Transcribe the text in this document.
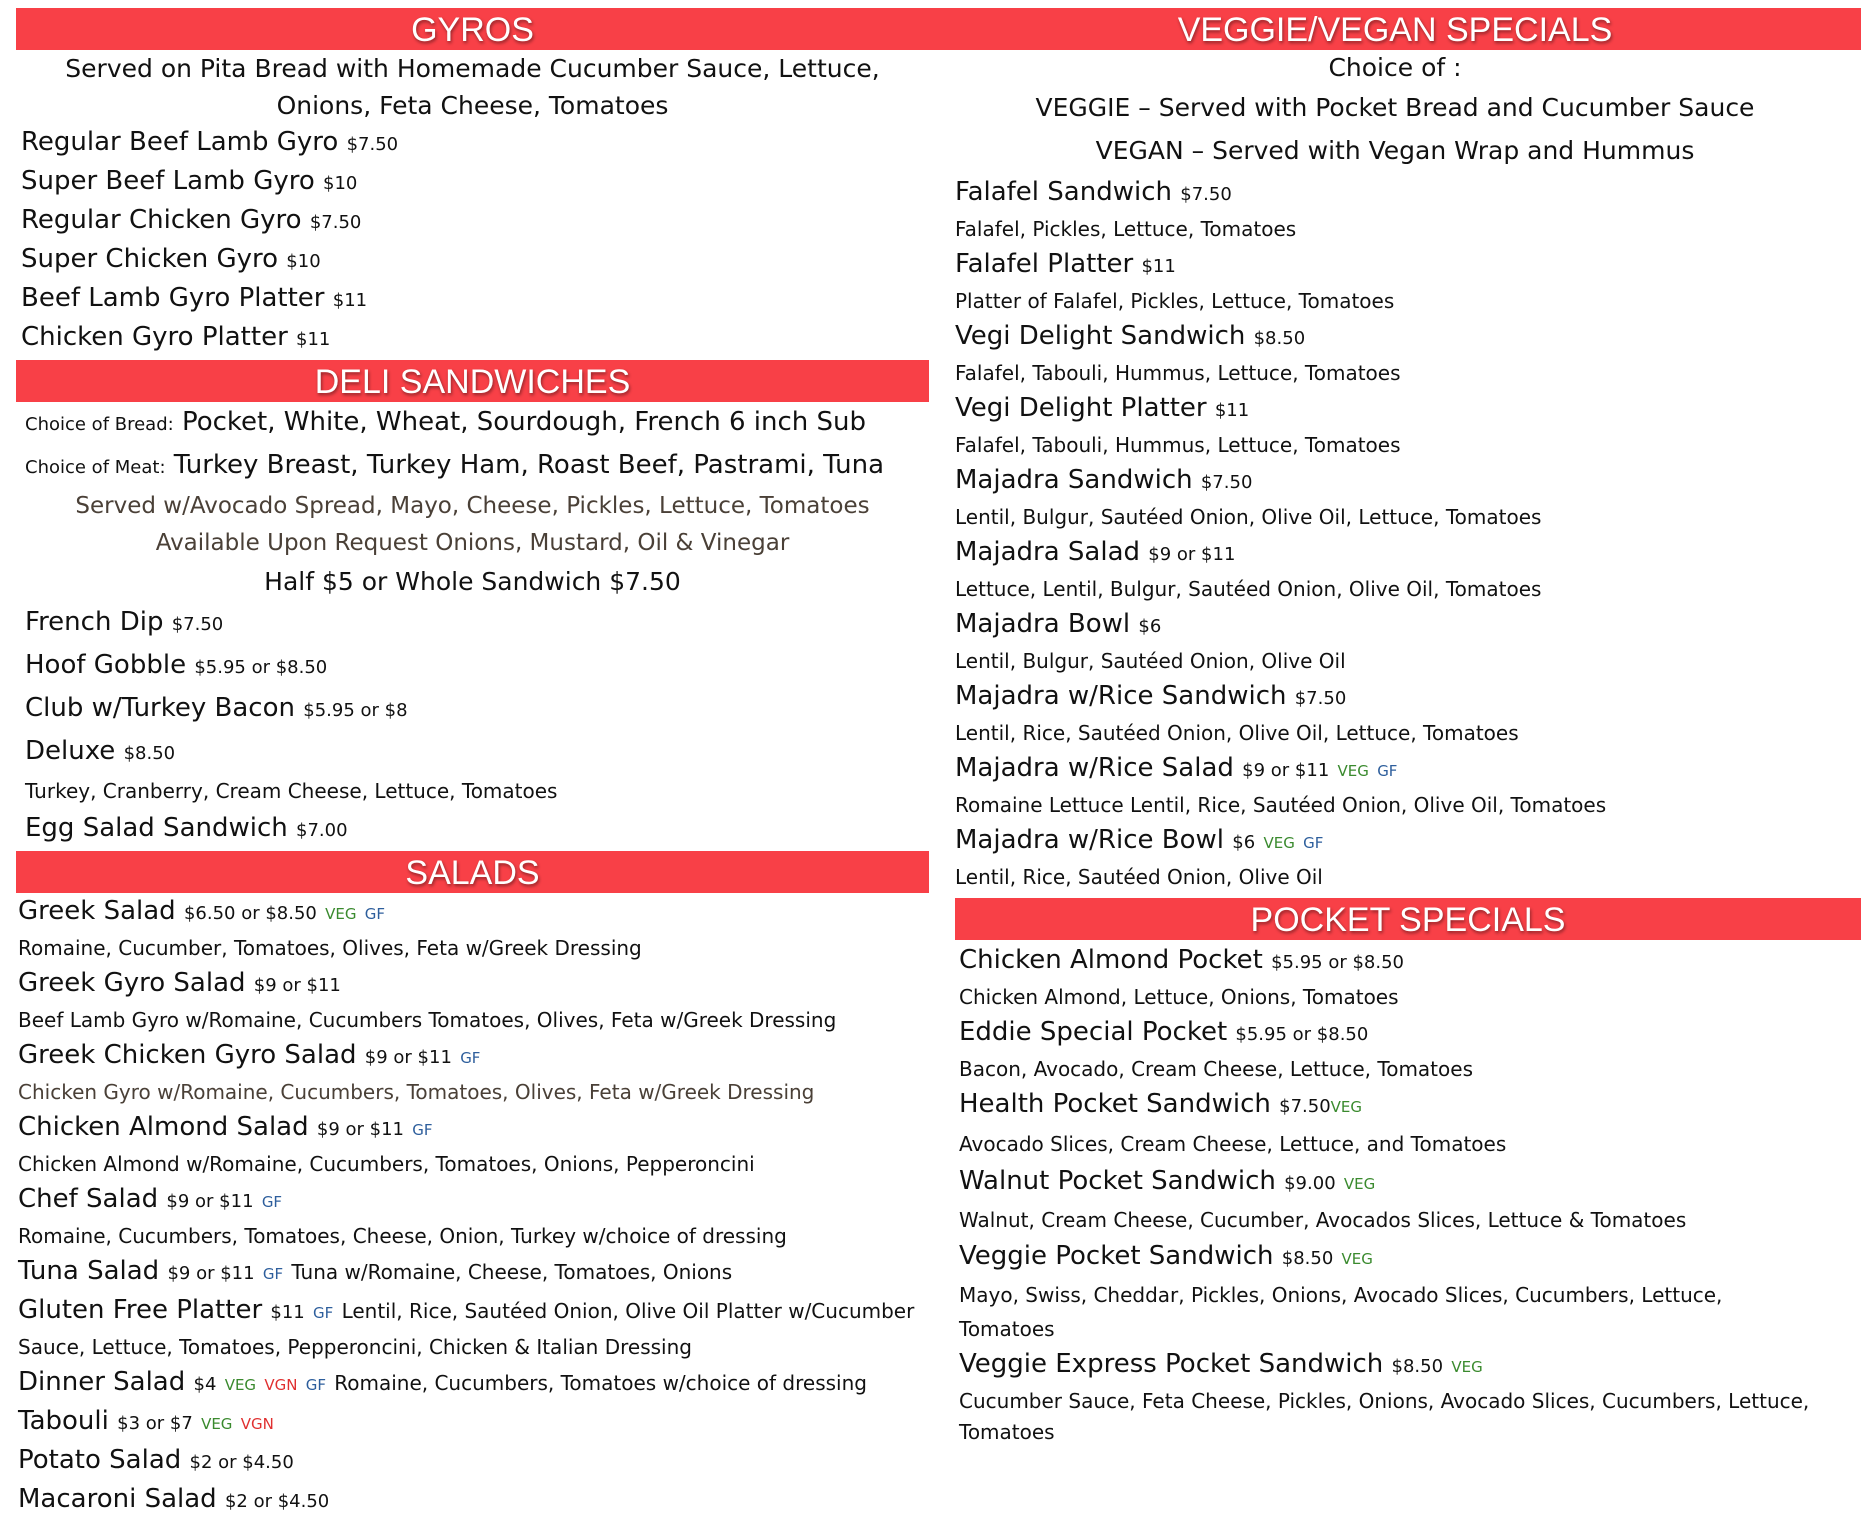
GYROS
Served on Pita Bread with Homemade Cucumber Sauce, Lettuce, Onions, Feta Cheese, Tomatoes
Regular Beef Lamb Gyro $7.50
Super Beef Lamb Gyro $10
Regular Chicken Gyro $7.50
Super Chicken Gyro $10
Beef Lamb Gyro Platter $11
Chicken Gyro Platter $11
DELI SANDWICHES
Choice of Bread: Pocket, White, Wheat, Sourdough, French 6 inch Sub
Choice of Meat: Turkey Breast, Turkey Ham, Roast Beef, Pastrami, Tuna
Served w/Avocado Spread, Mayo, Cheese, Pickles, Lettuce, Tomatoes
Available Upon Request Onions, Mustard, Oil & Vinegar
Half $5 or Whole Sandwich $7.50
French Dip $7.50
Hoof Gobble $5.95 or $8.50
Club w/Turkey Bacon $5.95 or $8
Deluxe $8.50
Turkey, Cranberry, Cream Cheese, Lettuce, Tomatoes
Egg Salad Sandwich $7.00
SALADS
Greek Salad $6.50 or $8.50 VEG GF
Romaine, Cucumber, Tomatoes, Olives, Feta w/Greek Dressing
Greek Gyro Salad $9 or $11
Beef Lamb Gyro w/Romaine, Cucumbers Tomatoes, Olives, Feta w/Greek Dressing
Greek Chicken Gyro Salad $9 or $11 GF
Chicken Gyro w/Romaine, Cucumbers, Tomatoes, Olives, Feta w/Greek Dressing
Chicken Almond Salad $9 or $11 GF
Chicken Almond w/Romaine, Cucumbers, Tomatoes, Onions, Pepperoncini
Chef Salad $9 or $11 GF
Romaine, Cucumbers, Tomatoes, Cheese, Onion, Turkey w/choice of dressing
Tuna Salad $9 or $11 GF Tuna w/Romaine, Cheese, Tomatoes, Onions
Gluten Free Platter $11 GF Lentil, Rice, Sautéed Onion, Olive Oil Platter w/Cucumber
Sauce, Lettuce, Tomatoes, Pepperoncini, Chicken & Italian Dressing
Dinner Salad $4 VEG VGN GF Romaine, Cucumbers, Tomatoes w/choice of dressing
Tabouli $3 or $7 VEG VGN
Potato Salad $2 or $4.50
Macaroni Salad $2 or $4.50
VEGGIE/VEGAN SPECIALS
Choice of :
VEGGIE – Served with Pocket Bread and Cucumber Sauce
VEGAN – Served with Vegan Wrap and Hummus
Falafel Sandwich $7.50
Falafel, Pickles, Lettuce, Tomatoes
Falafel Platter $11
Platter of Falafel, Pickles, Lettuce, Tomatoes
Vegi Delight Sandwich $8.50
Falafel, Tabouli, Hummus, Lettuce, Tomatoes
Vegi Delight Platter $11
Falafel, Tabouli, Hummus, Lettuce, Tomatoes
Majadra Sandwich $7.50
Lentil, Bulgur, Sautéed Onion, Olive Oil, Lettuce, Tomatoes
Majadra Salad $9 or $11
Lettuce, Lentil, Bulgur, Sautéed Onion, Olive Oil, Tomatoes
Majadra Bowl $6
Lentil, Bulgur, Sautéed Onion, Olive Oil
Majadra w/Rice Sandwich $7.50
Lentil, Rice, Sautéed Onion, Olive Oil, Lettuce, Tomatoes
Majadra w/Rice Salad $9 or $11 VEG GF
Romaine Lettuce Lentil, Rice, Sautéed Onion, Olive Oil, Tomatoes
Majadra w/Rice Bowl $6 VEG GF
Lentil, Rice, Sautéed Onion, Olive Oil
POCKET SPECIALS
Chicken Almond Pocket $5.95 or $8.50
Chicken Almond, Lettuce, Onions, Tomatoes
Eddie Special Pocket $5.95 or $8.50
Bacon, Avocado, Cream Cheese, Lettuce, Tomatoes
Health Pocket Sandwich $7.50VEG
Avocado Slices, Cream Cheese, Lettuce, and Tomatoes
Walnut Pocket Sandwich $9.00 VEG
Walnut, Cream Cheese, Cucumber, Avocados Slices, Lettuce & Tomatoes
Veggie Pocket Sandwich $8.50 VEG
Mayo, Swiss, Cheddar, Pickles, Onions, Avocado Slices, Cucumbers, Lettuce,
Tomatoes
Veggie Express Pocket Sandwich $8.50 VEG
Cucumber Sauce, Feta Cheese, Pickles, Onions, Avocado Slices, Cucumbers, Lettuce,
Tomatoes
